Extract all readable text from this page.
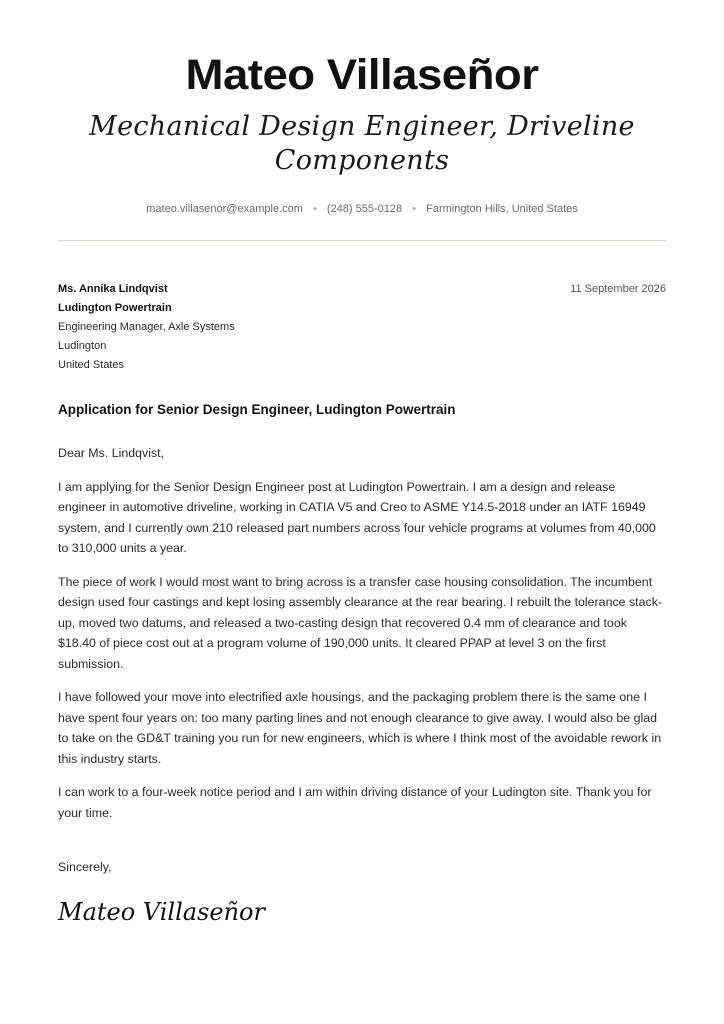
Mateo Villaseñor
Mechanical Design Engineer, Driveline Components
mateo.villasenor@example.com • (248) 555-0128 • Farmington Hills, United States
Ms. Annika Lindqvist
Ludington Powertrain
Engineering Manager, Axle Systems
Ludington
United States
11 September 2026
Application for Senior Design Engineer, Ludington Powertrain

Dear Ms. Lindqvist,

I am applying for the Senior Design Engineer post at Ludington Powertrain. I am a design and release engineer in automotive driveline, working in CATIA V5 and Creo to ASME Y14.5-2018 under an IATF 16949 system, and I currently own 210 released part numbers across four vehicle programs at volumes from 40,000 to 310,000 units a year.

The piece of work I would most want to bring across is a transfer case housing consolidation. The incumbent design used four castings and kept losing assembly clearance at the rear bearing. I rebuilt the tolerance stack-up, moved two datums, and released a two-casting design that recovered 0.4 mm of clearance and took $18.40 of piece cost out at a program volume of 190,000 units. It cleared PPAP at level 3 on the first submission.

I have followed your move into electrified axle housings, and the packaging problem there is the same one I have spent four years on: too many parting lines and not enough clearance to give away. I would also be glad to take on the GD&T training you run for new engineers, which is where I think most of the avoidable rework in this industry starts.

I can work to a four-week notice period and I am within driving distance of your Ludington site. Thank you for your time.

Sincerely,
Mateo Villaseñor
